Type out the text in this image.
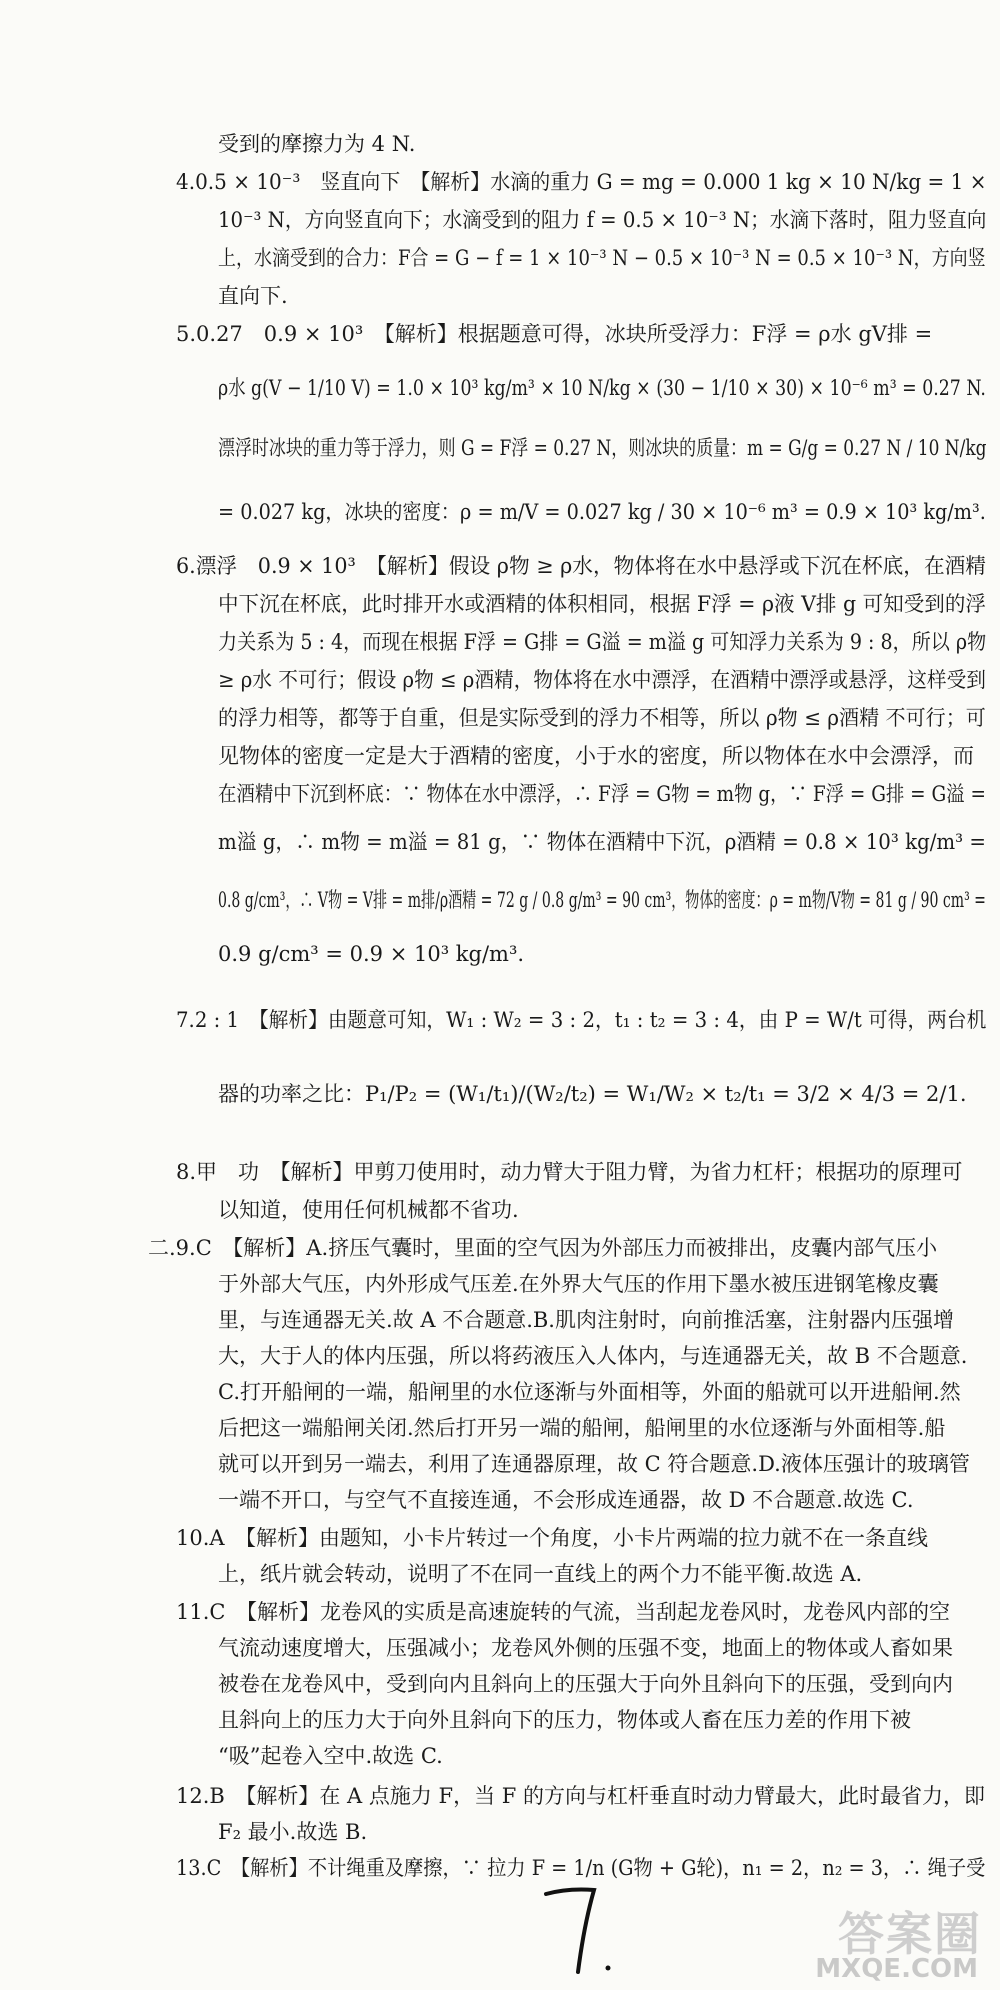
受到的摩擦力为 4 N.
4.0.5 × 10⁻³　竖直向下　【解析】水滴的重力 G = mg = 0.000 1 kg × 10 N/kg = 1 ×
10⁻³ N，方向竖直向下；水滴受到的阻力 f = 0.5 × 10⁻³ N；水滴下落时，阻力竖直向
上，水滴受到的合力：F合 = G − f = 1 × 10⁻³ N − 0.5 × 10⁻³ N = 0.5 × 10⁻³ N，方向竖
直向下.
5.0.27　0.9 × 10³　【解析】根据题意可得，冰块所受浮力：F浮 = ρ水 gV排 =
ρ水 g(V − 1/10 V) = 1.0 × 10³ kg/m³ × 10 N/kg × (30 − 1/10 × 30) × 10⁻⁶ m³ = 0.27 N.
漂浮时冰块的重力等于浮力，则 G = F浮 = 0.27 N，则冰块的质量：m = G/g = 0.27 N / 10 N/kg
= 0.027 kg，冰块的密度：ρ = m/V = 0.027 kg / 30 × 10⁻⁶ m³ = 0.9 × 10³ kg/m³.
6.漂浮　0.9 × 10³　【解析】假设 ρ物 ≥ ρ水，物体将在水中悬浮或下沉在杯底，在酒精
中下沉在杯底，此时排开水或酒精的体积相同，根据 F浮 = ρ液 V排 g 可知受到的浮
力关系为 5 : 4，而现在根据 F浮 = G排 = G溢 = m溢 g 可知浮力关系为 9 : 8，所以 ρ物
≥ ρ水 不可行；假设 ρ物 ≤ ρ酒精，物体将在水中漂浮，在酒精中漂浮或悬浮，这样受到
的浮力相等，都等于自重，但是实际受到的浮力不相等，所以 ρ物 ≤ ρ酒精 不可行；可
见物体的密度一定是大于酒精的密度，小于水的密度，所以物体在水中会漂浮，而
在酒精中下沉到杯底：∵ 物体在水中漂浮，∴ F浮 = G物 = m物 g，∵ F浮 = G排 = G溢 =
m溢 g，∴ m物 = m溢 = 81 g，∵ 物体在酒精中下沉，ρ酒精 = 0.8 × 10³ kg/m³ =
0.8 g/cm³，∴ V物 = V排 = m排/ρ酒精 = 72 g / 0.8 g/m³ = 90 cm³，物体的密度：ρ = m物/V物 = 81 g / 90 cm³ =
0.9 g/cm³ = 0.9 × 10³ kg/m³.
7.2 : 1　【解析】由题意可知，W₁ : W₂ = 3 : 2，t₁ : t₂ = 3 : 4，由 P = W/t 可得，两台机
器的功率之比：P₁/P₂ = (W₁/t₁)/(W₂/t₂) = W₁/W₂ × t₂/t₁ = 3/2 × 4/3 = 2/1.
8.甲　功　【解析】甲剪刀使用时，动力臂大于阻力臂，为省力杠杆；根据功的原理可
以知道，使用任何机械都不省功.
二.9.C　【解析】A.挤压气囊时，里面的空气因为外部压力而被排出，皮囊内部气压小
于外部大气压，内外形成气压差.在外界大气压的作用下墨水被压进钢笔橡皮囊
里，与连通器无关.故 A 不合题意.B.肌肉注射时，向前推活塞，注射器内压强增
大，大于人的体内压强，所以将药液压入人体内，与连通器无关，故 B 不合题意.
C.打开船闸的一端，船闸里的水位逐渐与外面相等，外面的船就可以开进船闸.然
后把这一端船闸关闭.然后打开另一端的船闸，船闸里的水位逐渐与外面相等.船
就可以开到另一端去，利用了连通器原理，故 C 符合题意.D.液体压强计的玻璃管
一端不开口，与空气不直接连通，不会形成连通器，故 D 不合题意.故选 C.
10.A　【解析】由题知，小卡片转过一个角度，小卡片两端的拉力就不在一条直线
上，纸片就会转动，说明了不在同一直线上的两个力不能平衡.故选 A.
11.C　【解析】龙卷风的实质是高速旋转的气流，当刮起龙卷风时，龙卷风内部的空
气流动速度增大，压强减小；龙卷风外侧的压强不变，地面上的物体或人畜如果
被卷在龙卷风中，受到向内且斜向上的压强大于向外且斜向下的压强，受到向内
且斜向上的压力大于向外且斜向下的压力，物体或人畜在压力差的作用下被
“吸”起卷入空中.故选 C.
12.B　【解析】在 A 点施力 F，当 F 的方向与杠杆垂直时动力臂最大，此时最省力，即
F₂ 最小.故选 B.
13.C　【解析】不计绳重及摩擦，∵ 拉力 F = 1/n (G物 + G轮)，n₁ = 2，n₂ = 3，∴ 绳子受
答案圈
MXQE.COM
